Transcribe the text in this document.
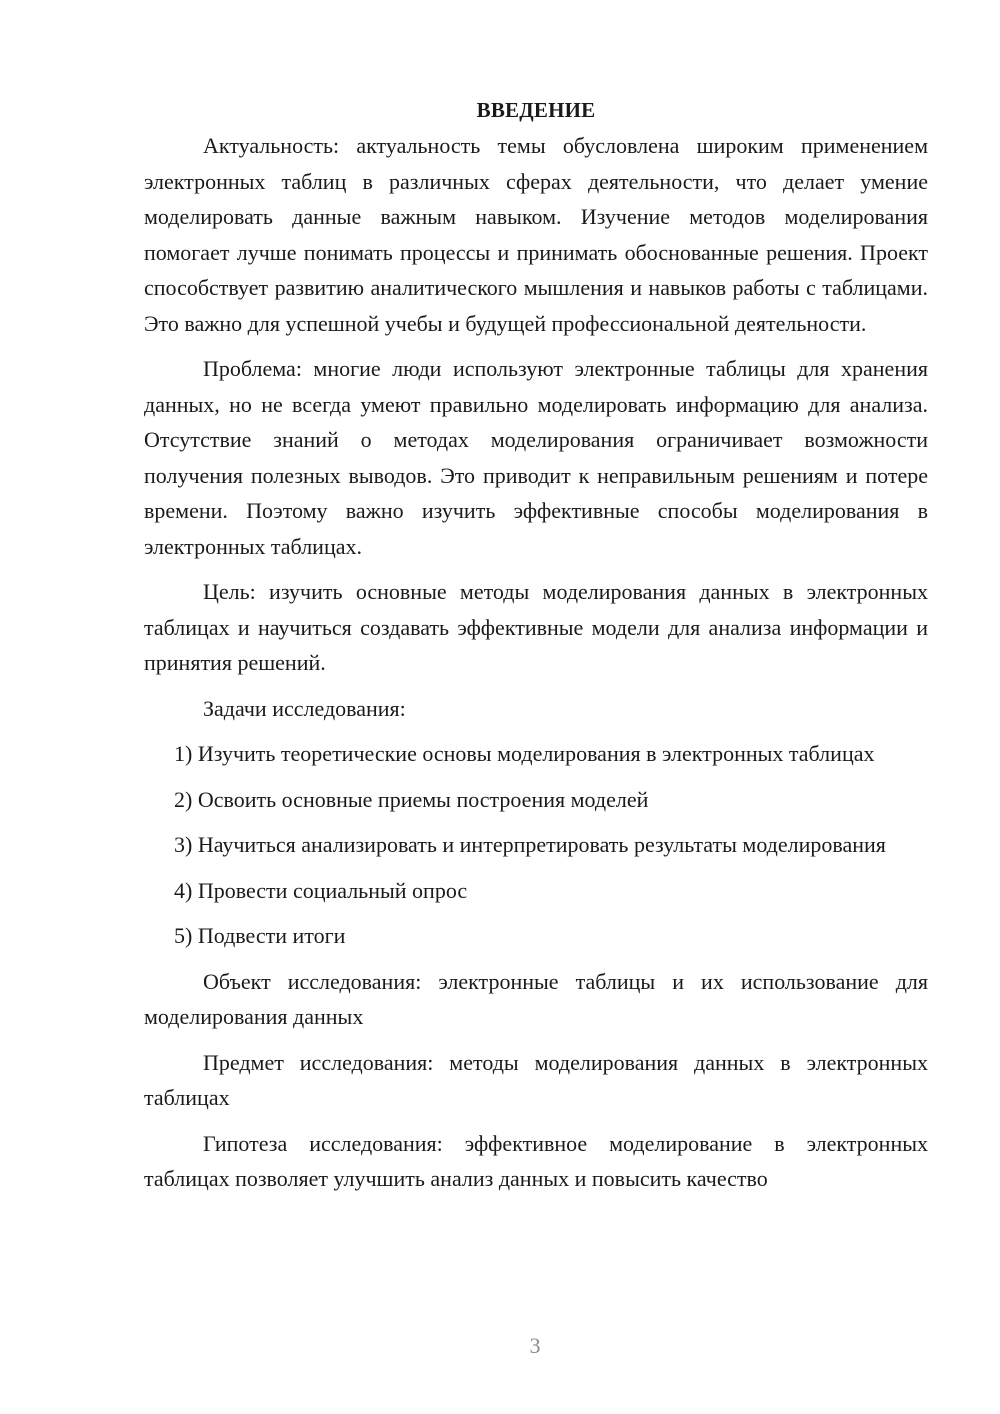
ВВЕДЕНИЕ

Актуальность: актуальность темы обусловлена широким применением электронных таблиц в различных сферах деятельности, что делает умение моделировать данные важным навыком. Изучение методов моделирования помогает лучше понимать процессы и принимать обоснованные решения. Проект способствует развитию аналитического мышления и навыков работы с таблицами. Это важно для успешной учебы и будущей профессиональной деятельности.

Проблема: многие люди используют электронные таблицы для хранения данных, но не всегда умеют правильно моделировать информацию для анализа. Отсутствие знаний о методах моделирования ограничивает возможности получения полезных выводов. Это приводит к неправильным решениям и потере времени. Поэтому важно изучить эффективные способы моделирования в электронных таблицах.

Цель: изучить основные методы моделирования данных в электронных таблицах и научиться создавать эффективные модели для анализа информации и принятия решений.

Задачи исследования:

1) Изучить теоретические основы моделирования в электронных таблицах

2) Освоить основные приемы построения моделей

3) Научиться анализировать и интерпретировать результаты моделирования

4) Провести социальный опрос

5) Подвести итоги

Объект исследования: электронные таблицы и их использование для моделирования данных

Предмет исследования: методы моделирования данных в электронных таблицах

Гипотеза исследования: эффективное моделирование в электронных таблицах позволяет улучшить анализ данных и повысить качество

3
